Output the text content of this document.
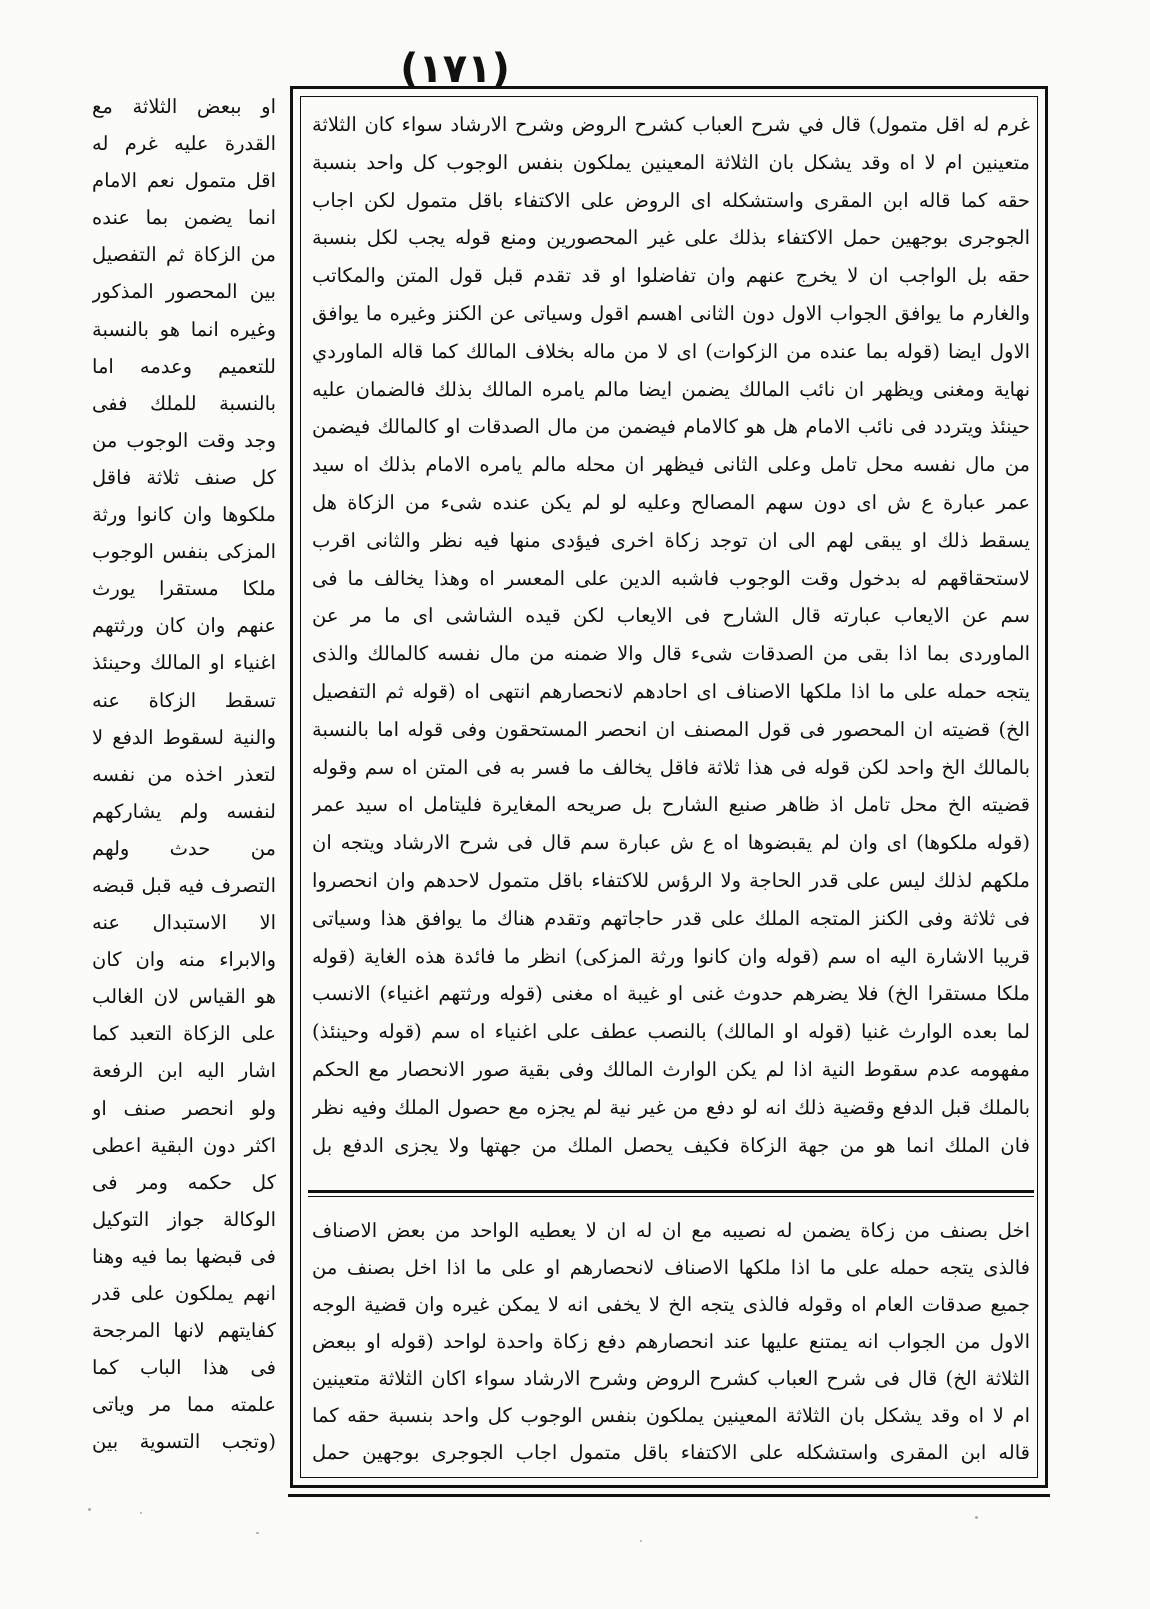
(١٧١)
غرم له اقل متمول) قال في شرح العباب كشرح الروض وشرح الارشاد سواء كان الثلاثة متعينين ام لا اه وقد يشكل بان الثلاثة المعينين يملكون بنفس الوجوب كل واحد بنسبة حقه كما قاله ابن المقرى واستشكله اى الروض على الاكتفاء باقل متمول لكن اجاب الجوجرى بوجهين حمل الاكتفاء بذلك على غير المحصورين ومنع قوله يجب لكل بنسبة حقه بل الواجب ان لا يخرج عنهم وان تفاضلوا او قد تقدم قبل قول المتن والمكاتب والغارم ما يوافق الجواب الاول دون الثانى اهسم اقول وسياتى عن الكنز وغيره ما يوافق الاول ايضا (قوله بما عنده من الزكوات) اى لا من ماله بخلاف المالك كما قاله الماوردي نهاية ومغنى ويظهر ان نائب المالك يضمن ايضا مالم يامره المالك بذلك فالضمان عليه حينئذ ويتردد فى نائب الامام هل هو كالامام فيضمن من مال الصدقات او كالمالك فيضمن من مال نفسه محل تامل وعلى الثانى فيظهر ان محله مالم يامره الامام بذلك اه سيد عمر عبارة ع ش اى دون سهم المصالح وعليه لو لم يكن عنده شىء من الزكاة هل يسقط ذلك او يبقى لهم الى ان توجد زكاة اخرى فيؤدى منها فيه نظر والثانى اقرب لاستحقاقهم له بدخول وقت الوجوب فاشبه الدين على المعسر اه وهذا يخالف ما فى سم عن الايعاب عبارته قال الشارح فى الايعاب لكن قيده الشاشى اى ما مر عن الماوردى بما اذا بقى من الصدقات شىء قال والا ضمنه من مال نفسه كالمالك والذى يتجه حمله على ما اذا ملكها الاصناف اى احادهم لانحصارهم انتهى اه (قوله ثم التفصيل الخ) قضيته ان المحصور فى قول المصنف ان انحصر المستحقون وفى قوله اما بالنسبة بالمالك الخ واحد لكن قوله فى هذا ثلاثة فاقل يخالف ما فسر به فى المتن اه سم وقوله قضيته الخ محل تامل اذ ظاهر صنيع الشارح بل صريحه المغايرة فليتامل اه سيد عمر (قوله ملكوها) اى وان لم يقبضوها اه ع ش عبارة سم قال فى شرح الارشاد ويتجه ان ملكهم لذلك ليس على قدر الحاجة ولا الرؤس للاكتفاء باقل متمول لاحدهم وان انحصروا فى ثلاثة وفى الكنز المتجه الملك على قدر حاجاتهم وتقدم هناك ما يوافق هذا وسياتى قريبا الاشارة اليه اه سم (قوله وان كانوا ورثة المزكى) انظر ما فائدة هذه الغاية (قوله ملكا مستقرا الخ) فلا يضرهم حدوث غنى او غيبة اه مغنى (قوله ورثتهم اغنياء) الانسب لما بعده الوارث غنيا (قوله او المالك) بالنصب عطف على اغنياء اه سم (قوله وحينئذ) مفهومه عدم سقوط النية اذا لم يكن الوارث المالك وفى بقية صور الانحصار مع الحكم بالملك قبل الدفع وقضية ذلك انه لو دفع من غير نية لم يجزه مع حصول الملك وفيه نظر فان الملك انما هو من جهة الزكاة فكيف يحصل الملك من جهتها ولا يجزى الدفع بل
اخل بصنف من زكاة يضمن له نصيبه مع ان له ان لا يعطيه الواحد من بعض الاصناف فالذى يتجه حمله على ما اذا ملكها الاصناف لانحصارهم او على ما اذا اخل بصنف من جميع صدقات العام اه وقوله فالذى يتجه الخ لا يخفى انه لا يمكن غيره وان قضية الوجه الاول من الجواب انه يمتنع عليها عند انحصارهم دفع زكاة واحدة لواحد (قوله او ببعض الثلاثة الخ) قال فى شرح العباب كشرح الروض وشرح الارشاد سواء اكان الثلاثة متعينين ام لا اه وقد يشكل بان الثلاثة المعينين يملكون بنفس الوجوب كل واحد بنسبة حقه كما قاله ابن المقرى واستشكله على الاكتفاء باقل متمول اجاب الجوجرى بوجهين حمل
او ببعض الثلاثة مع القدرة عليه غرم له اقل متمول نعم الامام انما يضمن بما عنده من الزكاة ثم التفصيل بين المحصور المذكور وغيره انما هو بالنسبة للتعميم وعدمه اما بالنسبة للملك ففى وجد وقت الوجوب من كل صنف ثلاثة فاقل ملكوها وان كانوا ورثة المزكى بنفس الوجوب ملكا مستقرا يورث عنهم وان كان ورثتهم اغنياء او المالك وحينئذ تسقط الزكاة عنه والنية لسقوط الدفع لا لتعذر اخذه من نفسه لنفسه ولم يشاركهم من حدث ولهم التصرف فيه قبل قبضه الا الاستبدال عنه والابراء منه وان كان هو القياس لان الغالب على الزكاة التعبد كما اشار اليه ابن الرفعة ولو انحصر صنف او اكثر دون البقية اعطى كل حكمه ومر فى الوكالة جواز التوكيل فى قبضها بما فيه وهنا انهم يملكون على قدر كفايتهم لانها المرجحة فى هذا الباب كما علمته مما مر وياتى (وتجب التسوية بين
